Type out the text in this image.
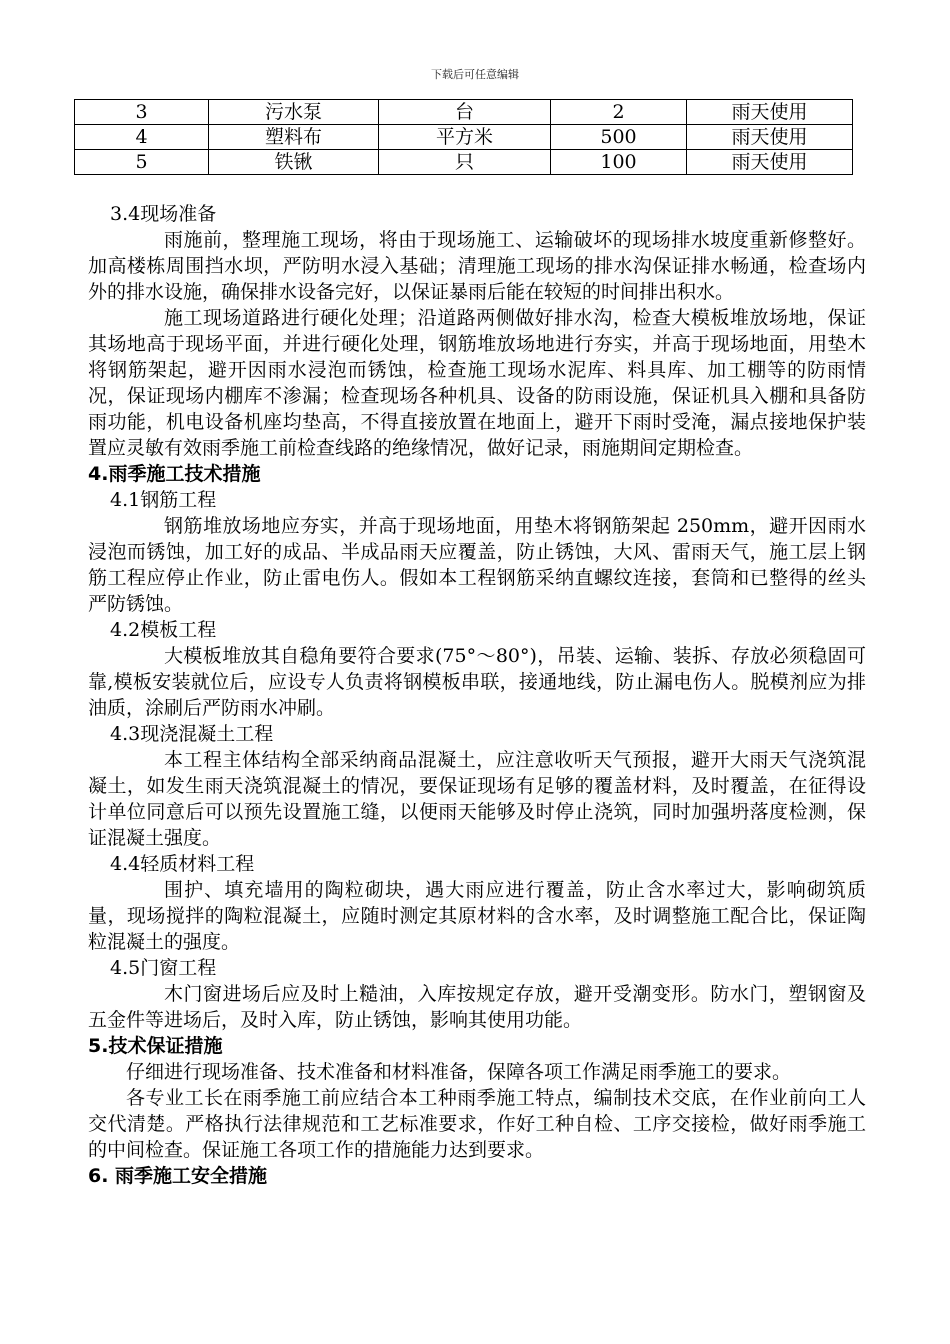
下载后可任意编辑
3	污水泵	台	2	雨天使用
4	塑料布	平方米	500	雨天使用
5	铁锹	只	100	雨天使用

3.4现场准备

雨施前，整理施工现场，将由于现场施工、运输破坏的现场排水坡度重新修整好。加高楼栋周围挡水坝，严防明水浸入基础；清理施工现场的排水沟保证排水畅通，检查场内外的排水设施，确保排水设备完好，以保证暴雨后能在较短的时间排出积水。

施工现场道路进行硬化处理；沿道路两侧做好排水沟，检查大模板堆放场地，保证其场地高于现场平面，并进行硬化处理，钢筋堆放场地进行夯实，并高于现场地面，用垫木将钢筋架起，避开因雨水浸泡而锈蚀，检查施工现场水泥库、料具库、加工棚等的防雨情况，保证现场内棚库不渗漏；检查现场各种机具、设备的防雨设施，保证机具入棚和具备防雨功能，机电设备机座均垫高，不得直接放置在地面上，避开下雨时受淹，漏点接地保护装置应灵敏有效雨季施工前检查线路的绝缘情况，做好记录，雨施期间定期检查。

4.雨季施工技术措施

4.1钢筋工程

钢筋堆放场地应夯实，并高于现场地面，用垫木将钢筋架起 250mm，避开因雨水浸泡而锈蚀，加工好的成品、半成品雨天应覆盖，防止锈蚀，大风、雷雨天气，施工层上钢筋工程应停止作业，防止雷电伤人。假如本工程钢筋采纳直螺纹连接，套筒和已整得的丝头严防锈蚀。

4.2模板工程

大模板堆放其自稳角要符合要求(75°～80°)，吊装、运输、装拆、存放必须稳固可靠,模板安装就位后，应设专人负责将钢模板串联，接通地线，防止漏电伤人。脱模剂应为排油质，涂刷后严防雨水冲刷。

4.3现浇混凝土工程

本工程主体结构全部采纳商品混凝土，应注意收听天气预报，避开大雨天气浇筑混凝土，如发生雨天浇筑混凝土的情况，要保证现场有足够的覆盖材料，及时覆盖，在征得设计单位同意后可以预先设置施工缝，以便雨天能够及时停止浇筑，同时加强坍落度检测，保证混凝土强度。

4.4轻质材料工程

围护、填充墙用的陶粒砌块，遇大雨应进行覆盖，防止含水率过大，影响砌筑质量，现场搅拌的陶粒混凝土，应随时测定其原材料的含水率，及时调整施工配合比，保证陶粒混凝土的强度。

4.5门窗工程

木门窗进场后应及时上糙油，入库按规定存放，避开受潮变形。防水门，塑钢窗及五金件等进场后，及时入库，防止锈蚀，影响其使用功能。

5.技术保证措施

仔细进行现场准备、技术准备和材料准备，保障各项工作满足雨季施工的要求。

各专业工长在雨季施工前应结合本工种雨季施工特点，编制技术交底，在作业前向工人交代清楚。严格执行法律规范和工艺标准要求，作好工种自检、工序交接检，做好雨季施工的中间检查。保证施工各项工作的措施能力达到要求。

6. 雨季施工安全措施
